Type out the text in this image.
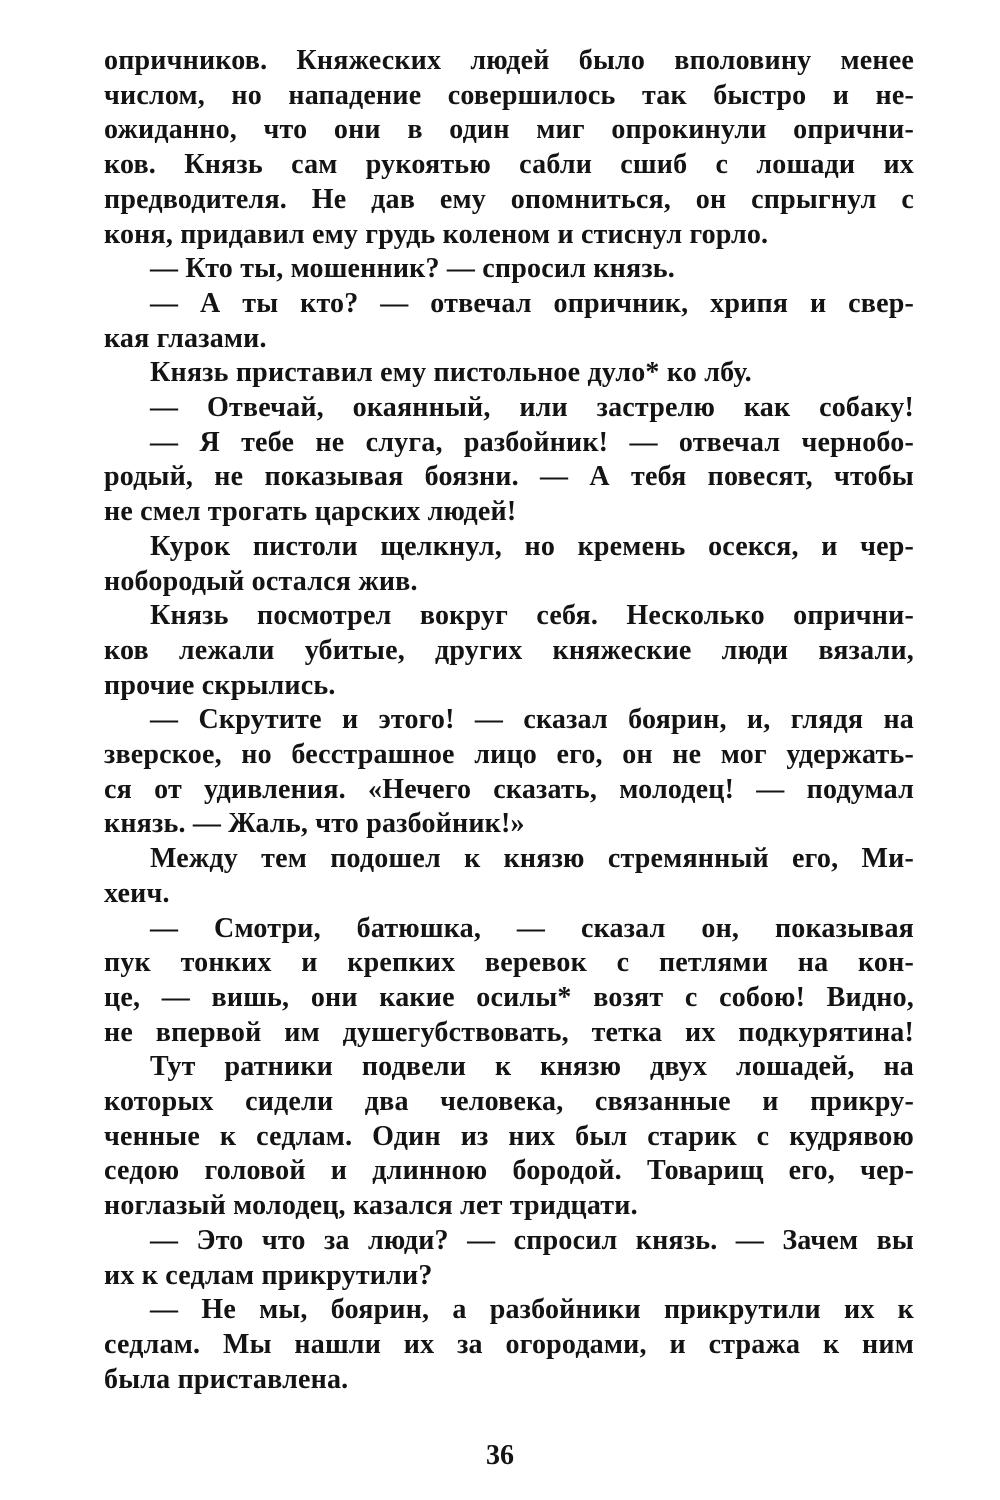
опричников. Княжеских людей было вполовину менее
числом, но нападение совершилось так быстро и не-
ожиданно, что они в один миг опрокинули опрични-
ков. Князь сам рукоятью сабли сшиб с лошади их
предводителя. Не дав ему опомниться, он спрыгнул с
коня, придавил ему грудь коленом и стиснул горло.
— Кто ты, мошенник? — спросил князь.
— А ты кто? — отвечал опричник, хрипя и свер-
кая глазами.
Князь приставил ему пистольное дуло* ко лбу.
— Отвечай, окаянный, или застрелю как собаку!
— Я тебе не слуга, разбойник! — отвечал чернобо-
родый, не показывая боязни. — А тебя повесят, чтобы
не смел трогать царских людей!
Курок пистоли щелкнул, но кремень осекся, и чер-
нобородый остался жив.
Князь посмотрел вокруг себя. Несколько опрични-
ков лежали убитые, других княжеские люди вязали,
прочие скрылись.
— Скрутите и этого! — сказал боярин, и, глядя на
зверское, но бесстрашное лицо его, он не мог удержать-
ся от удивления. «Нечего сказать, молодец! — подумал
князь. — Жаль, что разбойник!»
Между тем подошел к князю стремянный его, Ми-
хеич.
— Смотри, батюшка, — сказал он, показывая
пук тонких и крепких веревок с петлями на кон-
це, — вишь, они какие осилы* возят с собою! Видно,
не впервой им душегубствовать, тетка их подкурятина!
Тут ратники подвели к князю двух лошадей, на
которых сидели два человека, связанные и прикру-
ченные к седлам. Один из них был старик с кудрявою
седою головой и длинною бородой. Товарищ его, чер-
ноглазый молодец, казался лет тридцати.
— Это что за люди? — спросил князь. — Зачем вы
их к седлам прикрутили?
— Не мы, боярин, а разбойники прикрутили их к
седлам. Мы нашли их за огородами, и стража к ним
была приставлена.
36
